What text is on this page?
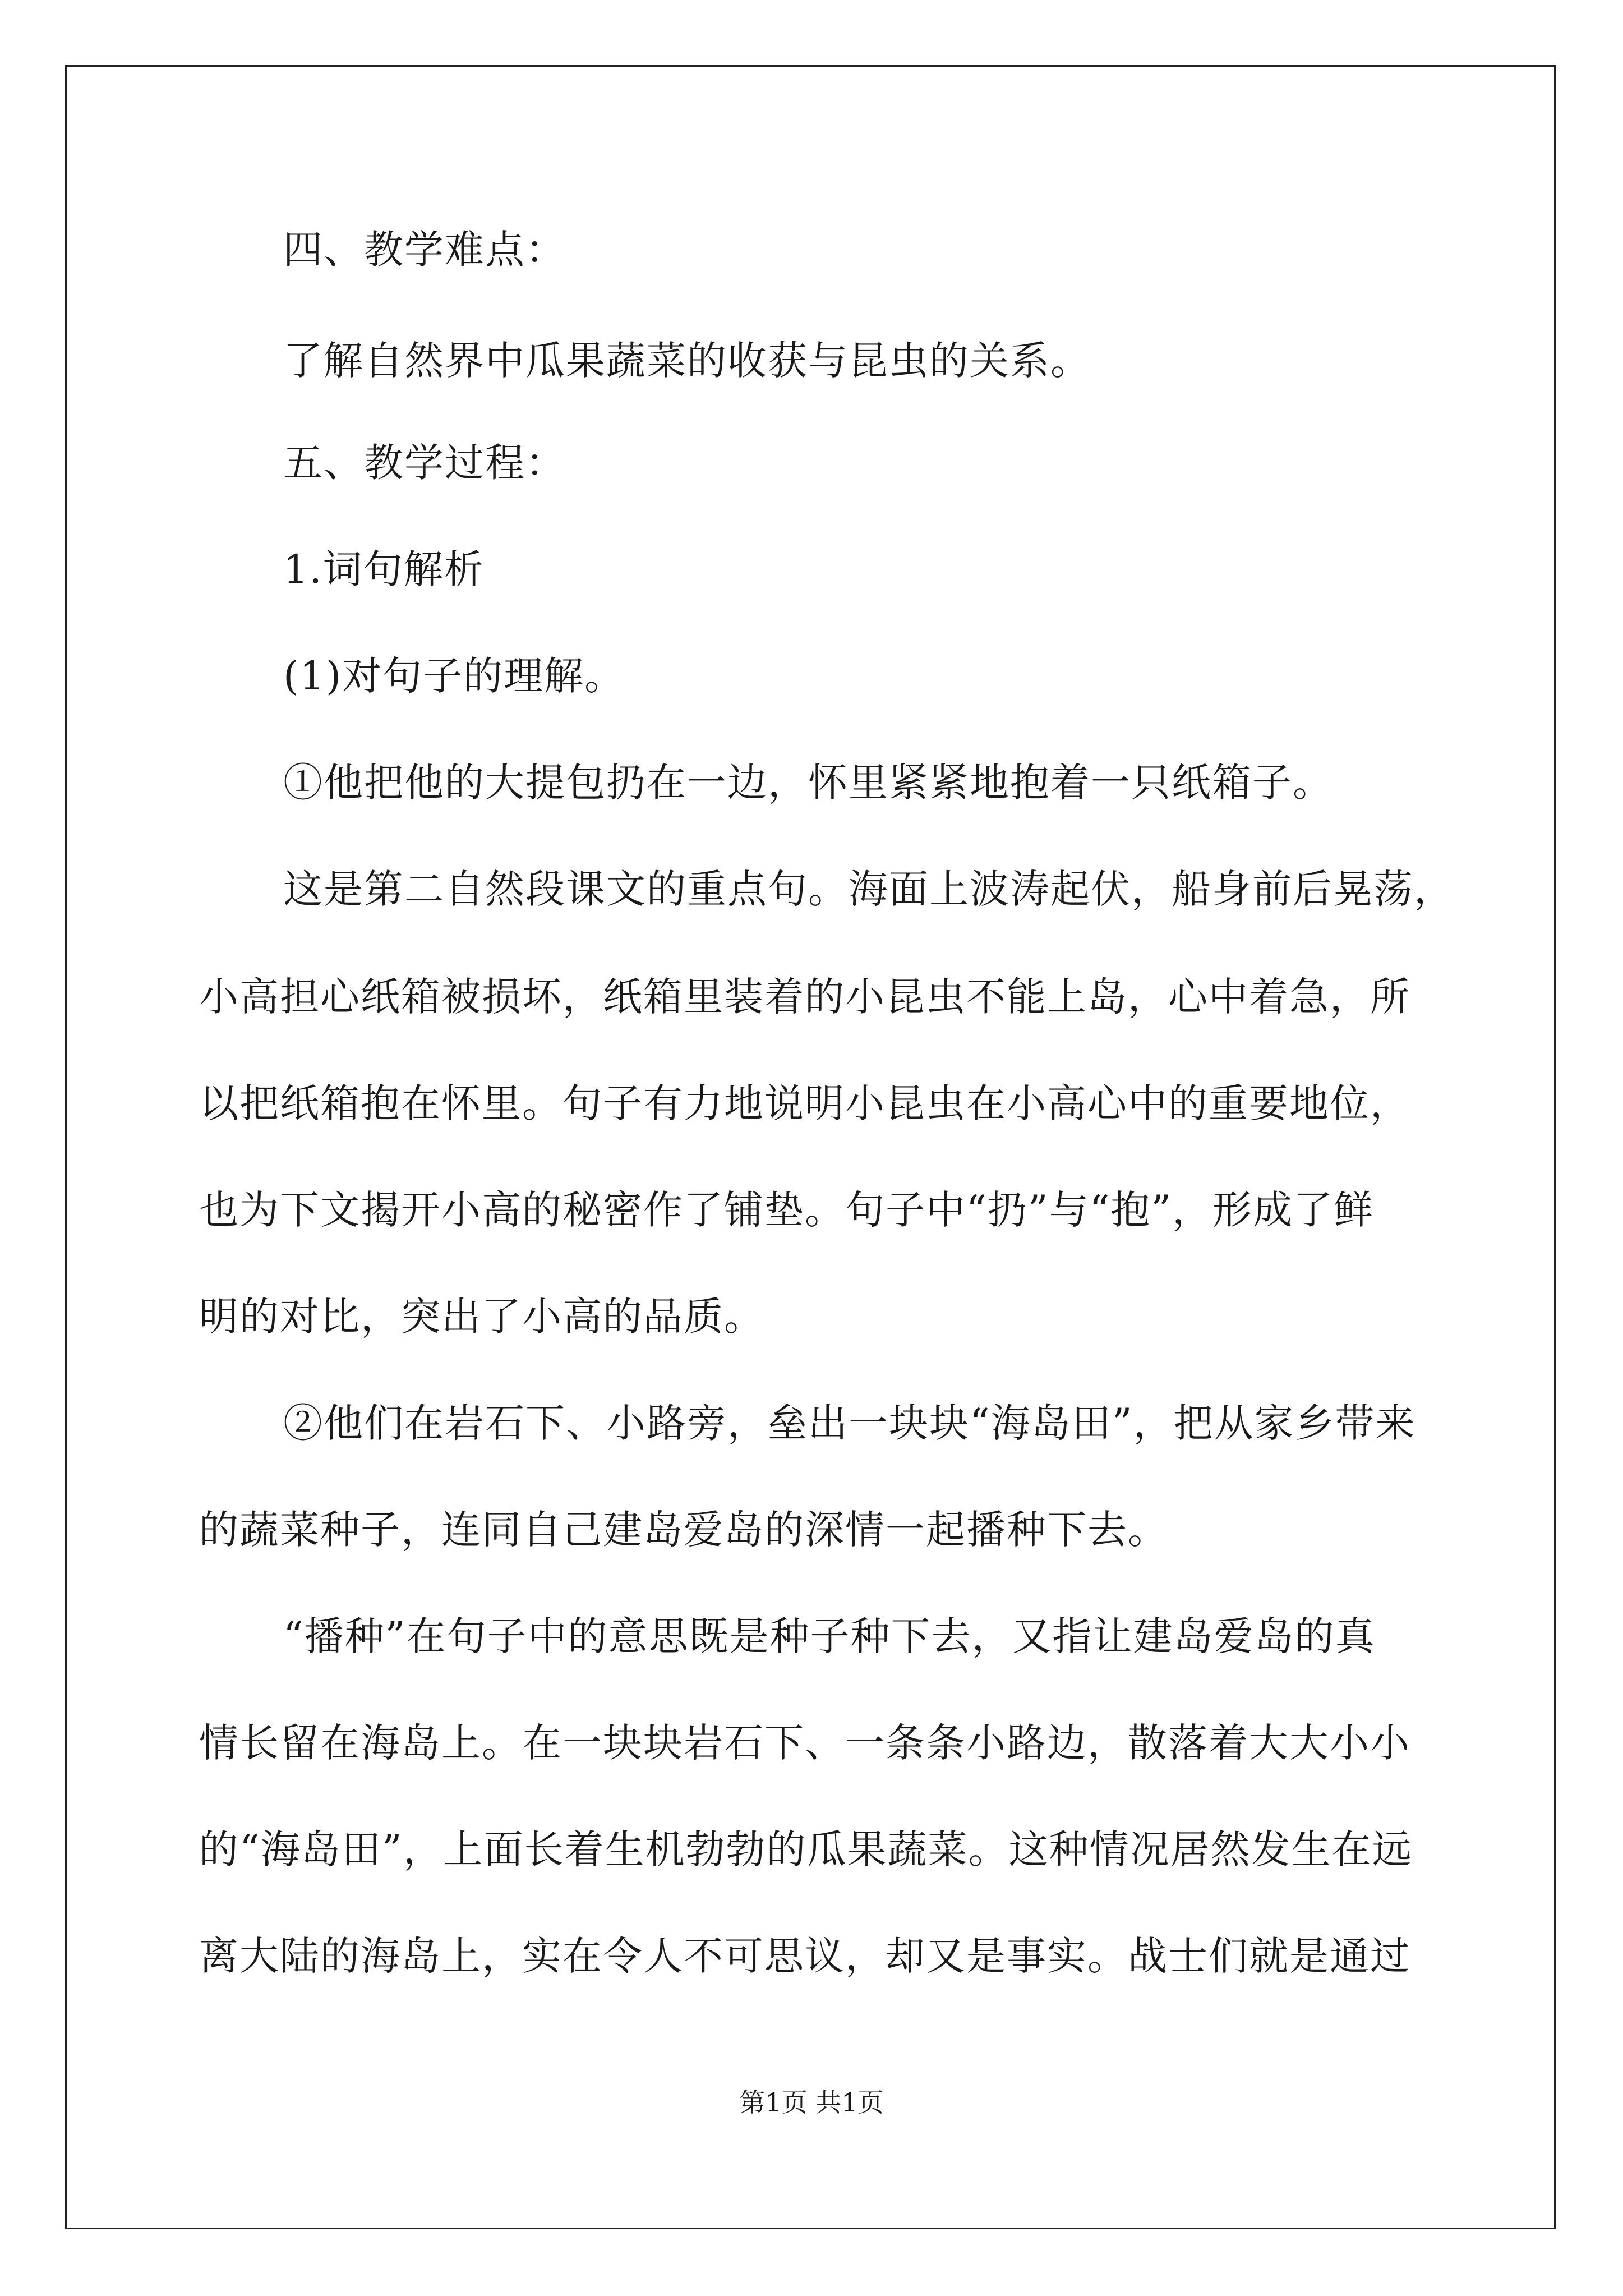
四、教学难点：
了解自然界中瓜果蔬菜的收获与昆虫的关系。
五、教学过程：
1.词句解析
(1)对句子的理解。
①他把他的大提包扔在一边，怀里紧紧地抱着一只纸箱子。
这是第二自然段课文的重点句。海面上波涛起伏，船身前后晃荡，
小高担心纸箱被损坏，纸箱里装着的小昆虫不能上岛，心中着急，所
以把纸箱抱在怀里。句子有力地说明小昆虫在小高心中的重要地位，
也为下文揭开小高的秘密作了铺垫。句子中“扔”与“抱”，形成了鲜
明的对比，突出了小高的品质。
②他们在岩石下、小路旁，垒出一块块“海岛田”，把从家乡带来
的蔬菜种子，连同自己建岛爱岛的深情一起播种下去。
“播种”在句子中的意思既是种子种下去，又指让建岛爱岛的真
情长留在海岛上。在一块块岩石下、一条条小路边，散落着大大小小
的“海岛田”，上面长着生机勃勃的瓜果蔬菜。这种情况居然发生在远
离大陆的海岛上，实在令人不可思议，却又是事实。战士们就是通过
第1页 共1页
